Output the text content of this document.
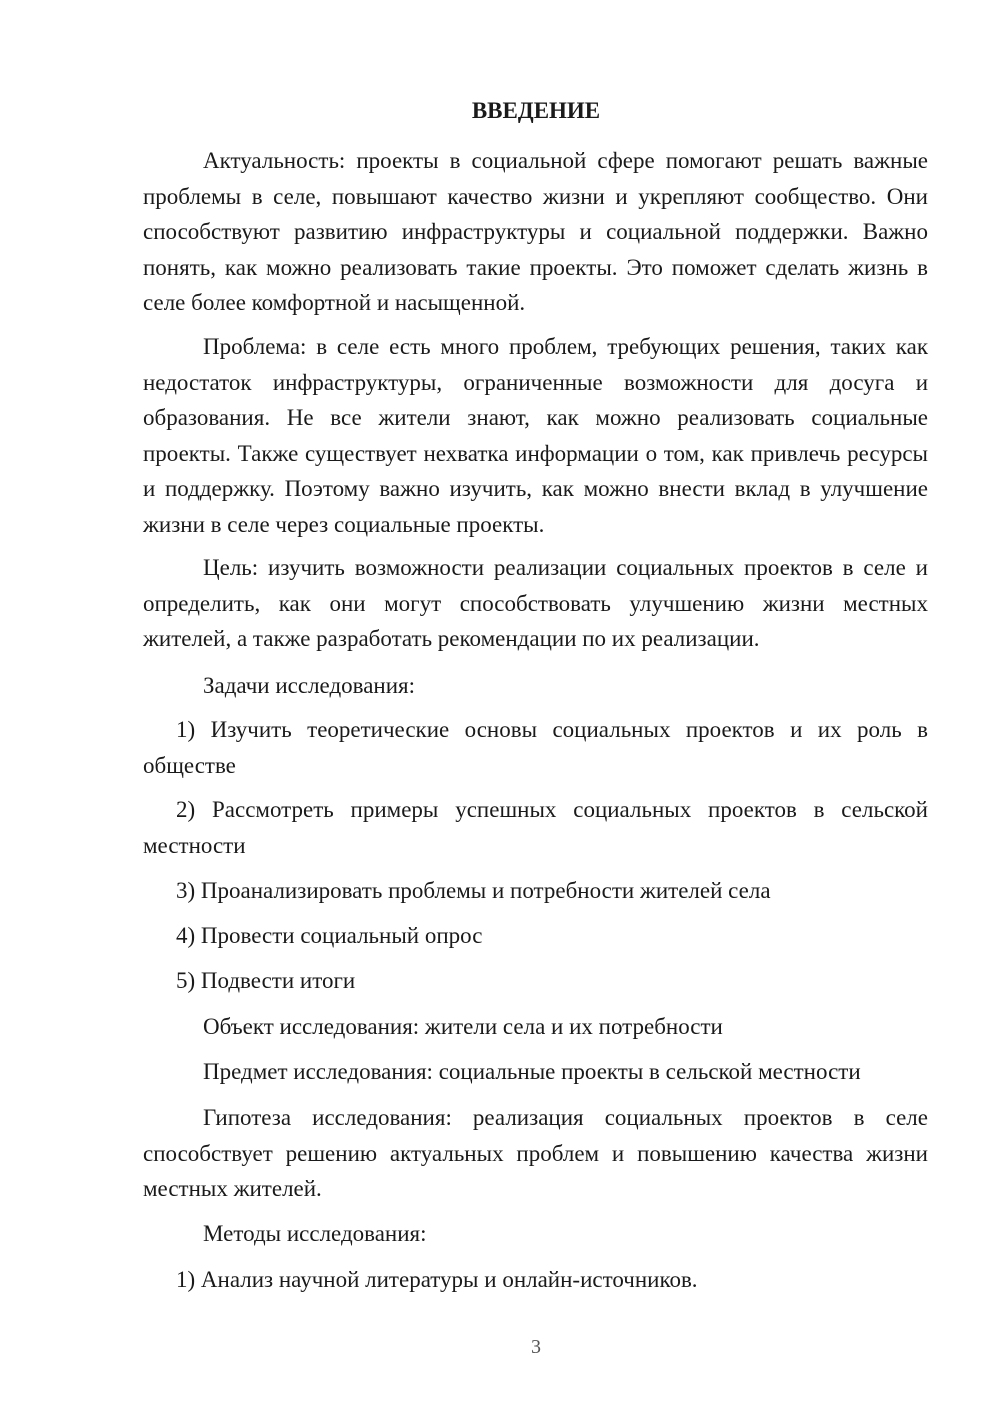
ВВЕДЕНИЕ

Актуальность: проекты в социальной сфере помогают решать важные проблемы в селе, повышают качество жизни и укрепляют сообщество. Они способствуют развитию инфраструктуры и социальной поддержки. Важно понять, как можно реализовать такие проекты. Это поможет сделать жизнь в селе более комфортной и насыщенной.

Проблема: в селе есть много проблем, требующих решения, таких как недостаток инфраструктуры, ограниченные возможности для досуга и образования. Не все жители знают, как можно реализовать социальные проекты. Также существует нехватка информации о том, как привлечь ресурсы и поддержку. Поэтому важно изучить, как можно внести вклад в улучшение жизни в селе через социальные проекты.

Цель: изучить возможности реализации социальных проектов в селе и определить, как они могут способствовать улучшению жизни местных жителей, а также разработать рекомендации по их реализации.

Задачи исследования:

1) Изучить теоретические основы социальных проектов и их роль в обществе

2) Рассмотреть примеры успешных социальных проектов в сельской местности

3) Проанализировать проблемы и потребности жителей села
4) Провести социальный опрос
5) Подвести итоги
Объект исследования: жители села и их потребности
Предмет исследования: социальные проекты в сельской местности

Гипотеза исследования: реализация социальных проектов в селе способствует решению актуальных проблем и повышению качества жизни местных жителей.

Методы исследования:
1) Анализ научной литературы и онлайн-источников.
3
